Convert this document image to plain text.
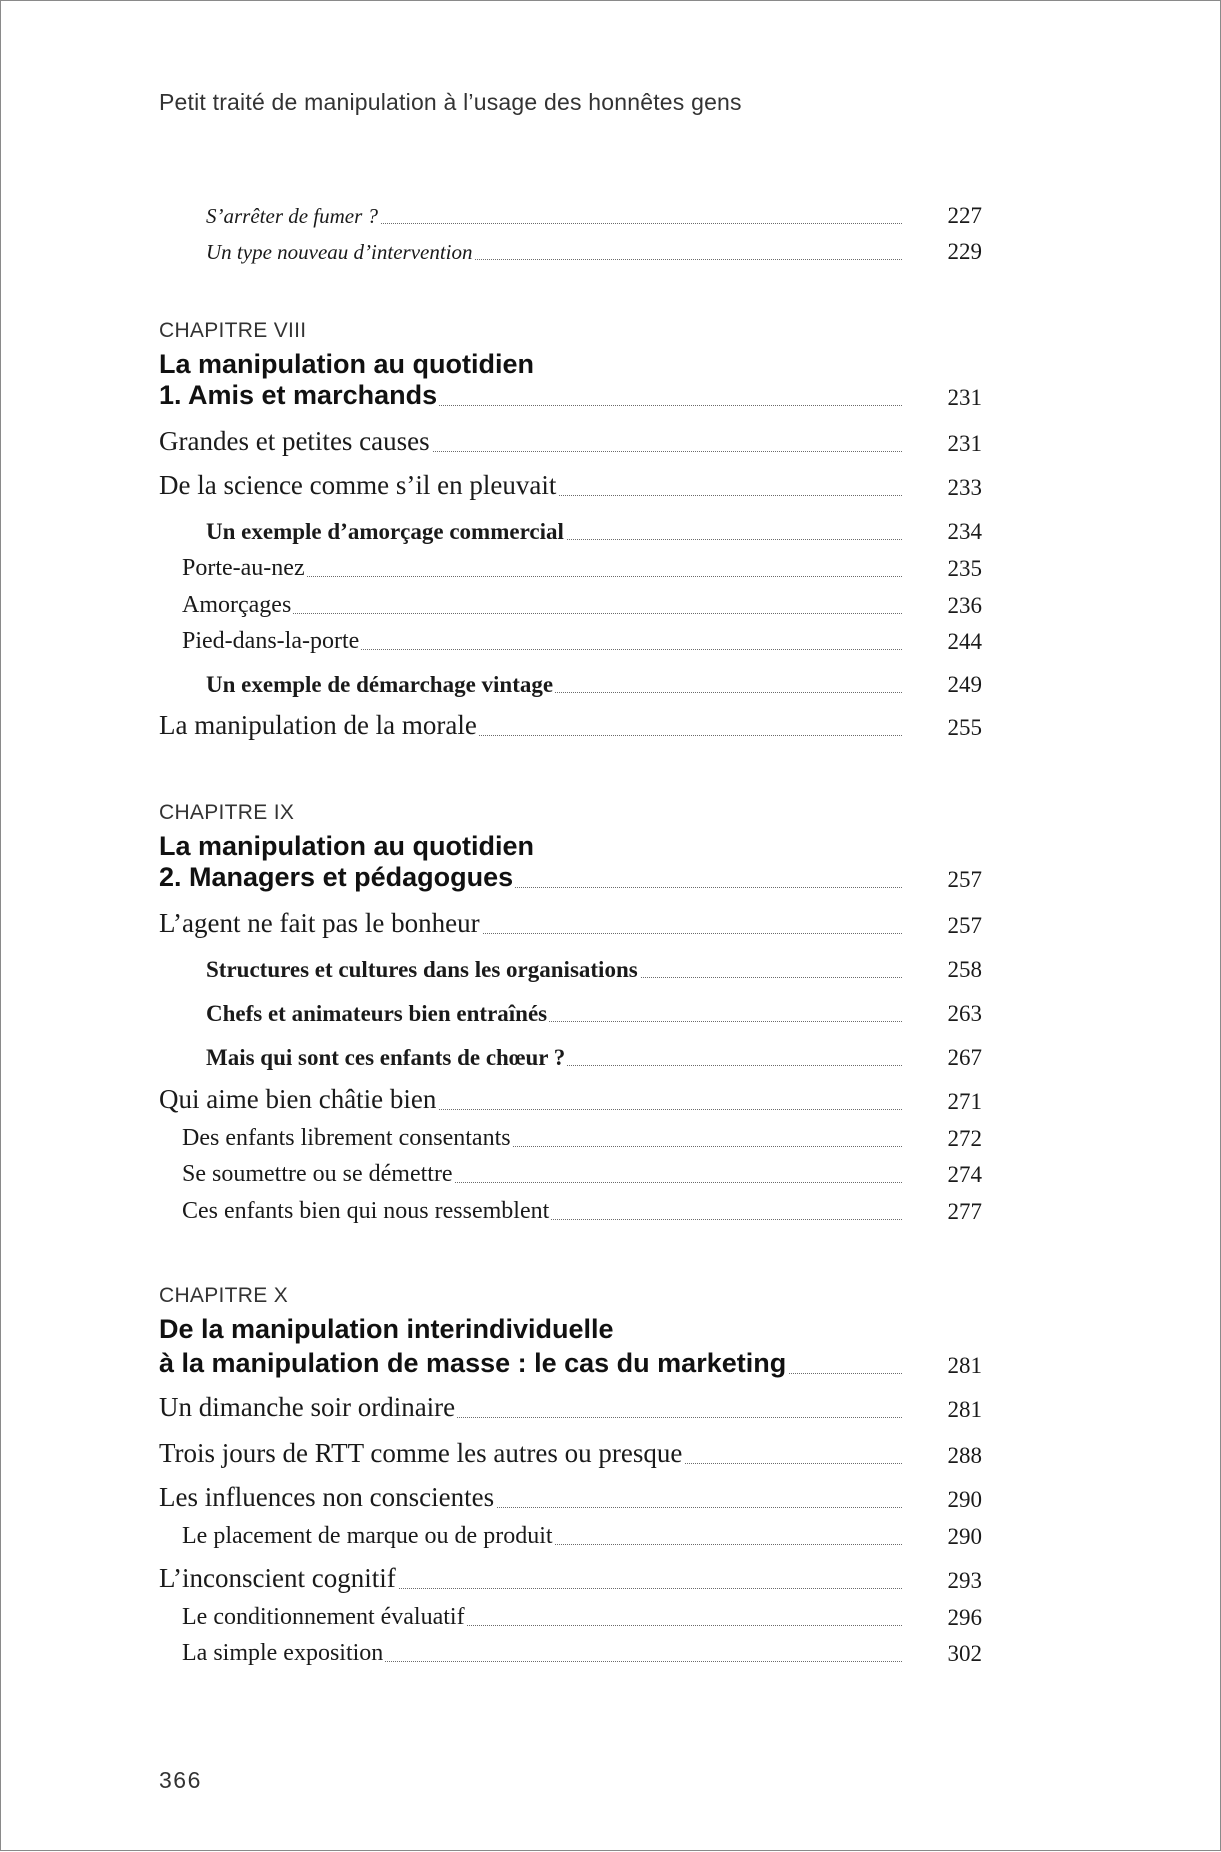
Petit traité de manipulation à l’usage des honnêtes gens
S’arrêter de fumer ?	227
Un type nouveau d’intervention	229
CHAPITRE VIII
La manipulation au quotidien
1. Amis et marchands	231
Grandes et petites causes	231
De la science comme s’il en pleuvait	233
Un exemple d’amorçage commercial	234
Porte-au-nez	235
Amorçages	236
Pied-dans-la-porte	244
Un exemple de démarchage vintage	249
La manipulation de la morale	255
CHAPITRE IX
La manipulation au quotidien
2. Managers et pédagogues	257
L’agent ne fait pas le bonheur	257
Structures et cultures dans les organisations	258
Chefs et animateurs bien entraînés	263
Mais qui sont ces enfants de chœur ?	267
Qui aime bien châtie bien	271
Des enfants librement consentants	272
Se soumettre ou se démettre	274
Ces enfants bien qui nous ressemblent	277
CHAPITRE X
De la manipulation interindividuelle
à la manipulation de masse : le cas du marketing	281
Un dimanche soir ordinaire	281
Trois jours de RTT comme les autres ou presque	288
Les influences non conscientes	290
Le placement de marque ou de produit	290
L’inconscient cognitif	293
Le conditionnement évaluatif	296
La simple exposition	302
366
